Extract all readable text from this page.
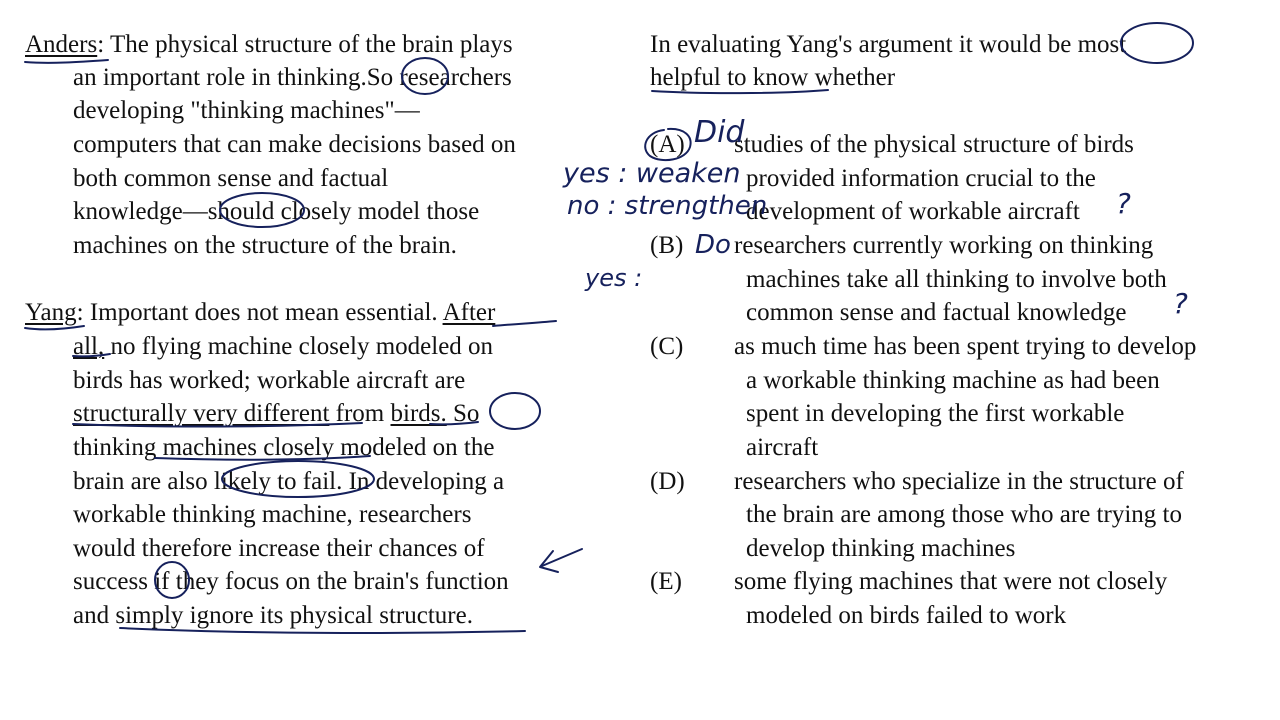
Anders: The physical structure of the brain plays
an important role in thinking.So researchers
developing "thinking machines"—
computers that can make decisions based on
both common sense and factual
knowledge—should closely model those
machines on the structure of the brain.
Yang: Important does not mean essential. After
all, no flying machine closely modeled on
birds has worked; workable aircraft are
structurally very different from birds. So
thinking machines closely modeled on the
brain are also likely to fail. In developing a
workable thinking machine, researchers
would therefore increase their chances of
success if they focus on the brain's function
and simply ignore its physical structure.
In evaluating Yang's argument it would be most
helpful to know whether
(A) studies of the physical structure of birds
provided information crucial to the
development of workable aircraft
(B) researchers currently working on thinking
machines take all thinking to involve both
common sense and factual knowledge
(C) as much time has been spent trying to develop
a workable thinking machine as had been
spent in developing the first workable
aircraft
(D) researchers who specialize in the structure of
the brain are among those who are trying to
develop thinking machines
(E) some flying machines that were not closely
modeled on birds failed to work
Did
yes : weaken
no : strengthen	?
Do
yes :
?
